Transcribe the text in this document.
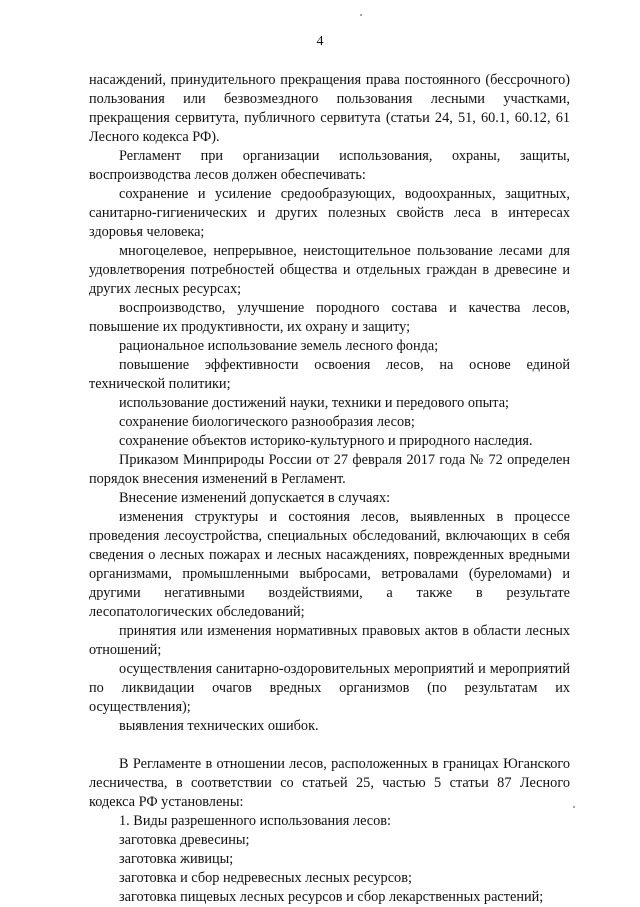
4

насаждений, принудительного прекращения права постоянного (бессрочного) пользования или безвозмездного пользования лесными участками, прекращения сервитута, публичного сервитута (статьи 24, 51, 60.1, 60.12, 61 Лесного кодекса РФ).

Регламент при организации использования, охраны, защиты, воспроизводства лесов должен обеспечивать:

сохранение и усиление средообразующих, водоохранных, защитных, санитарно-гигиенических и других полезных свойств леса в интересах здоровья человека;

многоцелевое, непрерывное, неистощительное пользование лесами для удовлетворения потребностей общества и отдельных граждан в древесине и других лесных ресурсах;

воспроизводство, улучшение породного состава и качества лесов, повышение их продуктивности, их охрану и защиту;

рациональное использование земель лесного фонда;

повышение эффективности освоения лесов, на основе единой технической политики;

использование достижений науки, техники и передового опыта;

сохранение биологического разнообразия лесов;

сохранение объектов историко-культурного и природного наследия.

Приказом Минприроды России от 27 февраля 2017 года № 72 определен порядок внесения изменений в Регламент.

Внесение изменений допускается в случаях:

изменения структуры и состояния лесов, выявленных в процессе проведения лесоустройства, специальных обследований, включающих в себя сведения о лесных пожарах и лесных насаждениях, поврежденных вредными организмами, промышленными выбросами, ветровалами (буреломами) и другими негативными воздействиями, а также в результате лесопатологических обследований;

принятия или изменения нормативных правовых актов в области лесных отношений;

осуществления санитарно-оздоровительных мероприятий и мероприятий по ликвидации очагов вредных организмов (по результатам их осуществления);

выявления технических ошибок.

В Регламенте в отношении лесов, расположенных в границах Юганского лесничества, в соответствии со статьей 25, частью 5 статьи 87 Лесного кодекса РФ установлены:

1. Виды разрешенного использования лесов:

заготовка древесины;

заготовка живицы;

заготовка и сбор недревесных лесных ресурсов;

заготовка пищевых лесных ресурсов и сбор лекарственных растений;
